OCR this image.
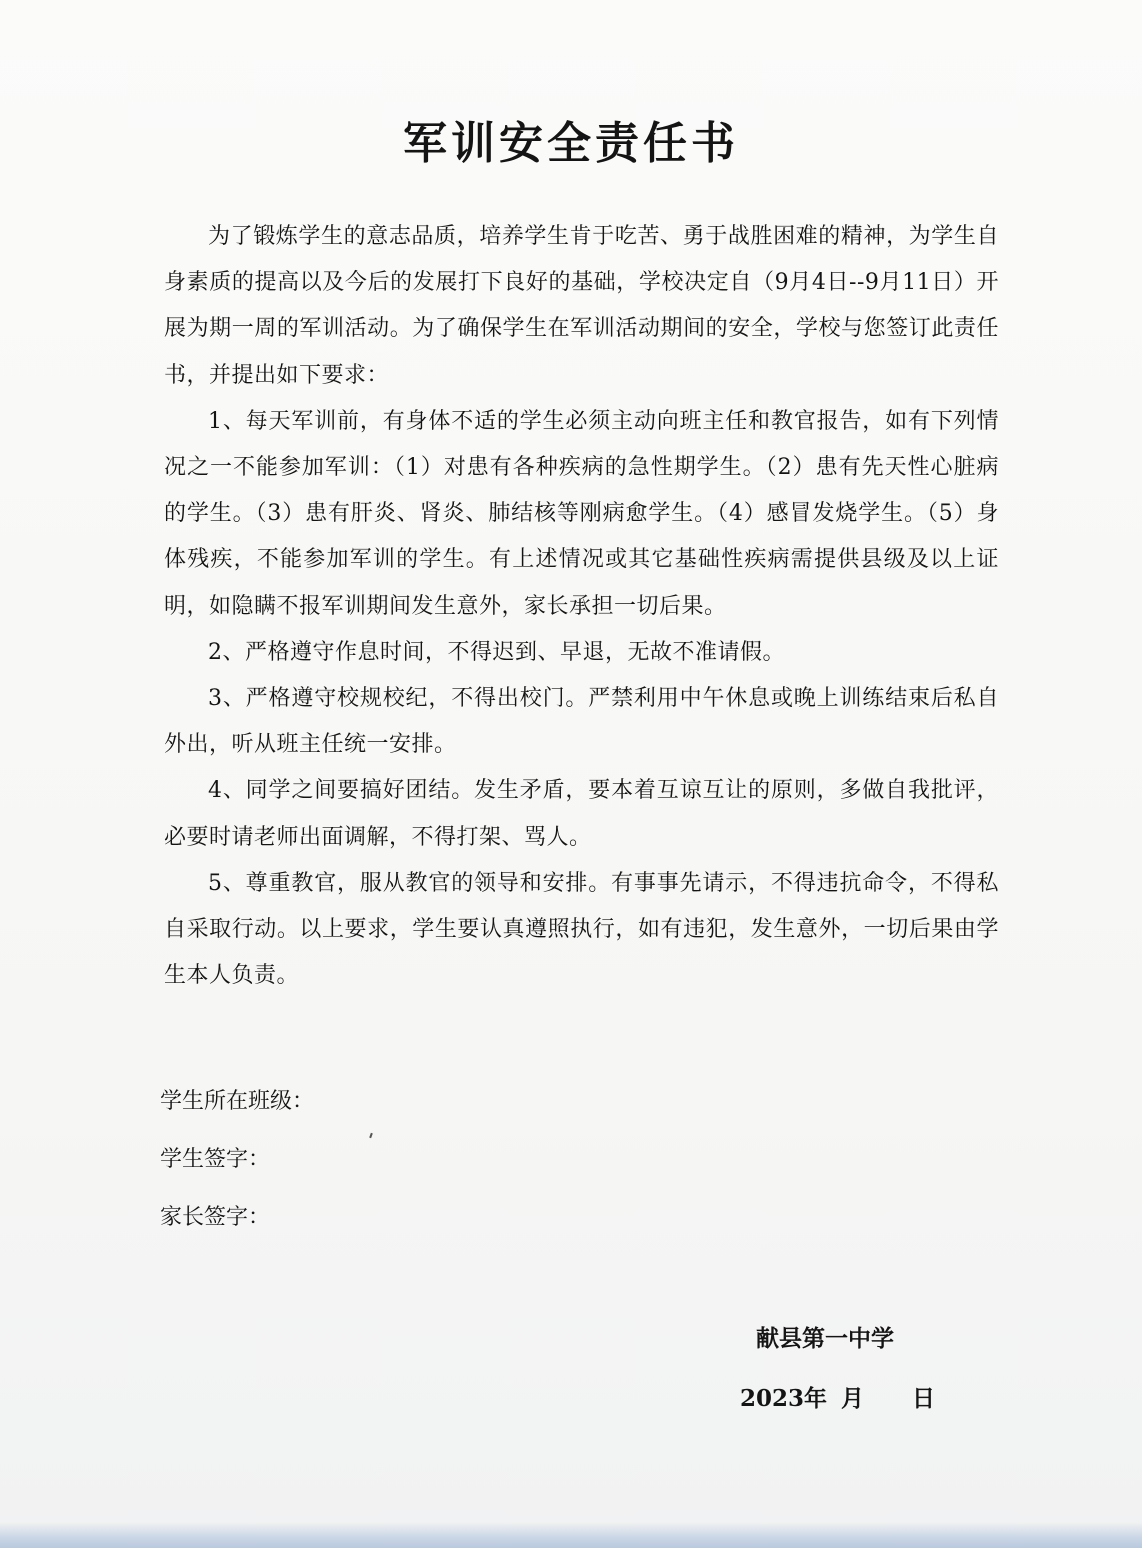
军训安全责任书

为了锻炼学生的意志品质，培养学生肯于吃苦、勇于战胜困难的精神，为学生自身素质的提高以及今后的发展打下良好的基础，学校决定自（9月4日--9月11日）开展为期一周的军训活动。为了确保学生在军训活动期间的安全，学校与您签订此责任书，并提出如下要求：

1、每天军训前，有身体不适的学生必须主动向班主任和教官报告，如有下列情况之一不能参加军训：（1）对患有各种疾病的急性期学生。（2）患有先天性心脏病的学生。（3）患有肝炎、肾炎、肺结核等刚病愈学生。（4）感冒发烧学生。（5）身体残疾，不能参加军训的学生。有上述情况或其它基础性疾病需提供县级及以上证明，如隐瞒不报军训期间发生意外，家长承担一切后果。

2、严格遵守作息时间，不得迟到、早退，无故不准请假。

3、严格遵守校规校纪，不得出校门。严禁利用中午休息或晚上训练结束后私自外出，听从班主任统一安排。

4、同学之间要搞好团结。发生矛盾，要本着互谅互让的原则，多做自我批评，必要时请老师出面调解，不得打架、骂人。

5、尊重教官，服从教官的领导和安排。有事事先请示，不得违抗命令，不得私自采取行动。以上要求，学生要认真遵照执行，如有违犯，发生意外，一切后果由学生本人负责。

学生所在班级：
学生签字：
家长签字：
献县第一中学
2023 年 月 日
